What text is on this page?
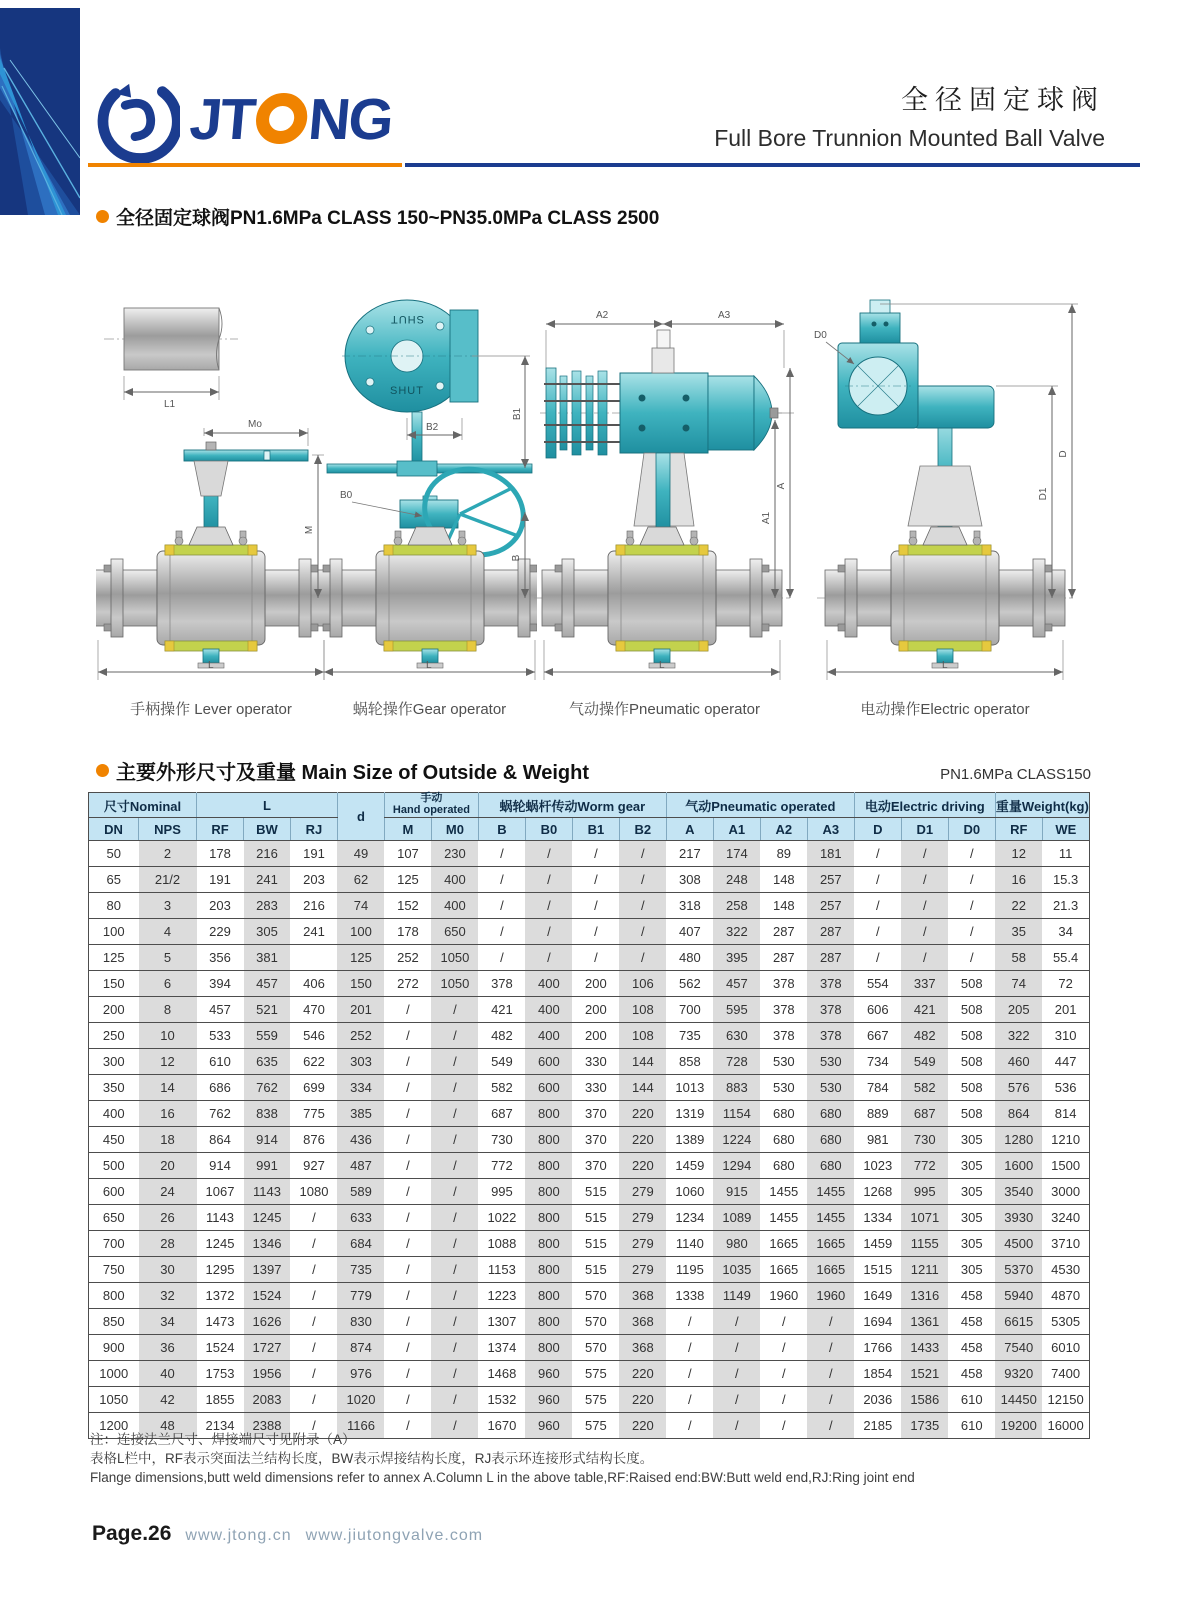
JT NG	全径固定球阀
Full Bore Trunnion Mounted Ball Valve
全径固定球阀PN1.6MPa CLASS 150~PN35.0MPa CLASS 2500
L1
Mo
M
L
手柄操作 Lever operator
SHUT
SHUT
B2
B1
B0
B
L
蜗轮操作Gear operator
A2	A3
A
A1
L
气动操作Pneumatic operator
D0
D
D1
L
电动操作Electric operator
主要外形尺寸及重量 Main Size of Outside & Weight	PN1.6MPa CLASS150
尺寸Nominal		L			d	手动
Hand operated		蜗轮蜗杆传动Worm gear				气动Pneumatic operated				电动Electric driving			重量Weight(kg)	
DN	NPS	RF	BW	RJ		M	M0	B	B0	B1	B2	A	A1	A2	A3	D	D1	D0	RF	WE
50	2	178	216	191	49	107	230	/	/	/	/	217	174	89	181	/	/	/	12	11
65	21/2	191	241	203	62	125	400	/	/	/	/	308	248	148	257	/	/	/	16	15.3
80	3	203	283	216	74	152	400	/	/	/	/	318	258	148	257	/	/	/	22	21.3
100	4	229	305	241	100	178	650	/	/	/	/	407	322	287	287	/	/	/	35	34
125	5	356	381		125	252	1050	/	/	/	/	480	395	287	287	/	/	/	58	55.4
150	6	394	457	406	150	272	1050	378	400	200	106	562	457	378	378	554	337	508	74	72
200	8	457	521	470	201	/	/	421	400	200	108	700	595	378	378	606	421	508	205	201
250	10	533	559	546	252	/	/	482	400	200	108	735	630	378	378	667	482	508	322	310
300	12	610	635	622	303	/	/	549	600	330	144	858	728	530	530	734	549	508	460	447
350	14	686	762	699	334	/	/	582	600	330	144	1013	883	530	530	784	582	508	576	536
400	16	762	838	775	385	/	/	687	800	370	220	1319	1154	680	680	889	687	508	864	814
450	18	864	914	876	436	/	/	730	800	370	220	1389	1224	680	680	981	730	305	1280	1210
500	20	914	991	927	487	/	/	772	800	370	220	1459	1294	680	680	1023	772	305	1600	1500
600	24	1067	1143	1080	589	/	/	995	800	515	279	1060	915	1455	1455	1268	995	305	3540	3000
650	26	1143	1245	/	633	/	/	1022	800	515	279	1234	1089	1455	1455	1334	1071	305	3930	3240
700	28	1245	1346	/	684	/	/	1088	800	515	279	1140	980	1665	1665	1459	1155	305	4500	3710
750	30	1295	1397	/	735	/	/	1153	800	515	279	1195	1035	1665	1665	1515	1211	305	5370	4530
800	32	1372	1524	/	779	/	/	1223	800	570	368	1338	1149	1960	1960	1649	1316	458	5940	4870
850	34	1473	1626	/	830	/	/	1307	800	570	368	/	/	/	/	1694	1361	458	6615	5305
900	36	1524	1727	/	874	/	/	1374	800	570	368	/	/	/	/	1766	1433	458	7540	6010
1000	40	1753	1956	/	976	/	/	1468	960	575	220	/	/	/	/	1854	1521	458	9320	7400
1050	42	1855	2083	/	1020	/	/	1532	960	575	220	/	/	/	/	2036	1586	610	14450	12150
1200	48	2134	2388	/	1166	/	/	1670	960	575	220	/	/	/	/	2185	1735	610	19200	16000
注：连接法兰尺寸、焊接端尺寸见附录（A）
表格L栏中，RF表示突面法兰结构长度，BW表示焊接结构长度，RJ表示环连接形式结构长度。
Flange dimensions,butt weld dimensions refer to annex A.Column L in the above table,RF:Raised end:BW:Butt weld end,RJ:Ring joint end
Page.26 www.jtong.cn www.jiutongvalve.com
